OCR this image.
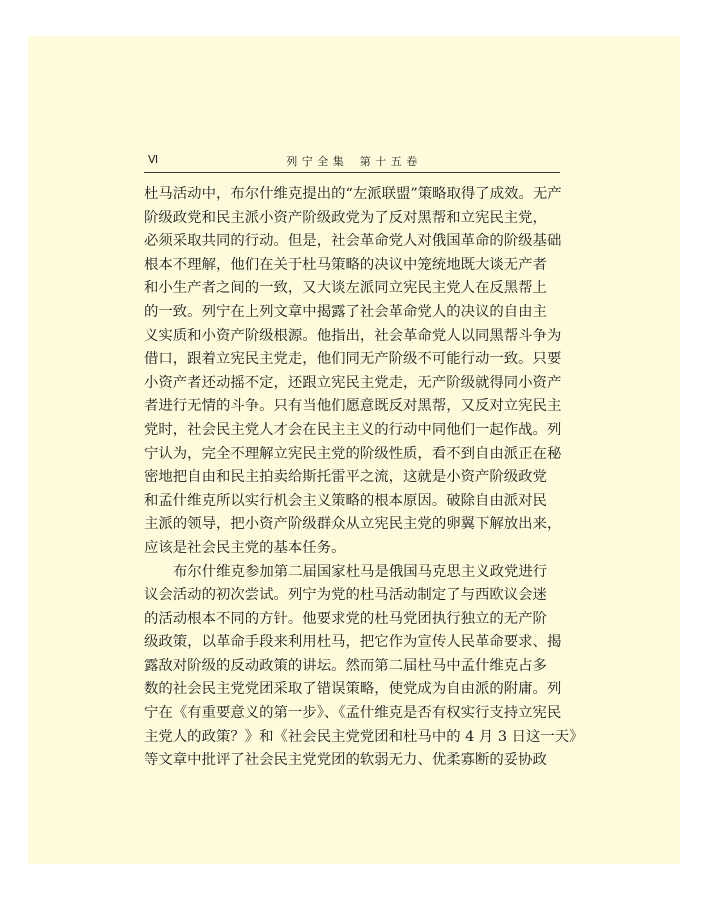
Ⅵ	列 宁 全 集　 第 十 五 卷
杜马活动中，布尔什维克提出的“左派联盟”策略取得了成效。无产
阶级政党和民主派小资产阶级政党为了反对黑帮和立宪民主党，
必须采取共同的行动。但是，社会革命党人对俄国革命的阶级基础
根本不理解，他们在关于杜马策略的决议中笼统地既大谈无产者
和小生产者之间的一致，又大谈左派同立宪民主党人在反黑帮上
的一致。列宁在上列文章中揭露了社会革命党人的决议的自由主
义实质和小资产阶级根源。他指出，社会革命党人以同黑帮斗争为
借口，跟着立宪民主党走，他们同无产阶级不可能行动一致。只要
小资产者还动摇不定，还跟立宪民主党走，无产阶级就得同小资产
者进行无情的斗争。只有当他们愿意既反对黑帮，又反对立宪民主
党时，社会民主党人才会在民主主义的行动中同他们一起作战。列
宁认为，完全不理解立宪民主党的阶级性质，看不到自由派正在秘
密地把自由和民主拍卖给斯托雷平之流，这就是小资产阶级政党
和孟什维克所以实行机会主义策略的根本原因。破除自由派对民
主派的领导，把小资产阶级群众从立宪民主党的卵翼下解放出来，
应该是社会民主党的基本任务。
布尔什维克参加第二届国家杜马是俄国马克思主义政党进行
议会活动的初次尝试。列宁为党的杜马活动制定了与西欧议会迷
的活动根本不同的方针。他要求党的杜马党团执行独立的无产阶
级政策，以革命手段来利用杜马，把它作为宣传人民革命要求、揭
露敌对阶级的反动政策的讲坛。然而第二届杜马中孟什维克占多
数的社会民主党党团采取了错误策略，使党成为自由派的附庸。列
宁在《有重要意义的第一步》、《孟什维克是否有权实行支持立宪民
主党人的政策？》和《社会民主党党团和杜马中的 4 月 3 日这一天》
等文章中批评了社会民主党党团的软弱无力、优柔寡断的妥协政
